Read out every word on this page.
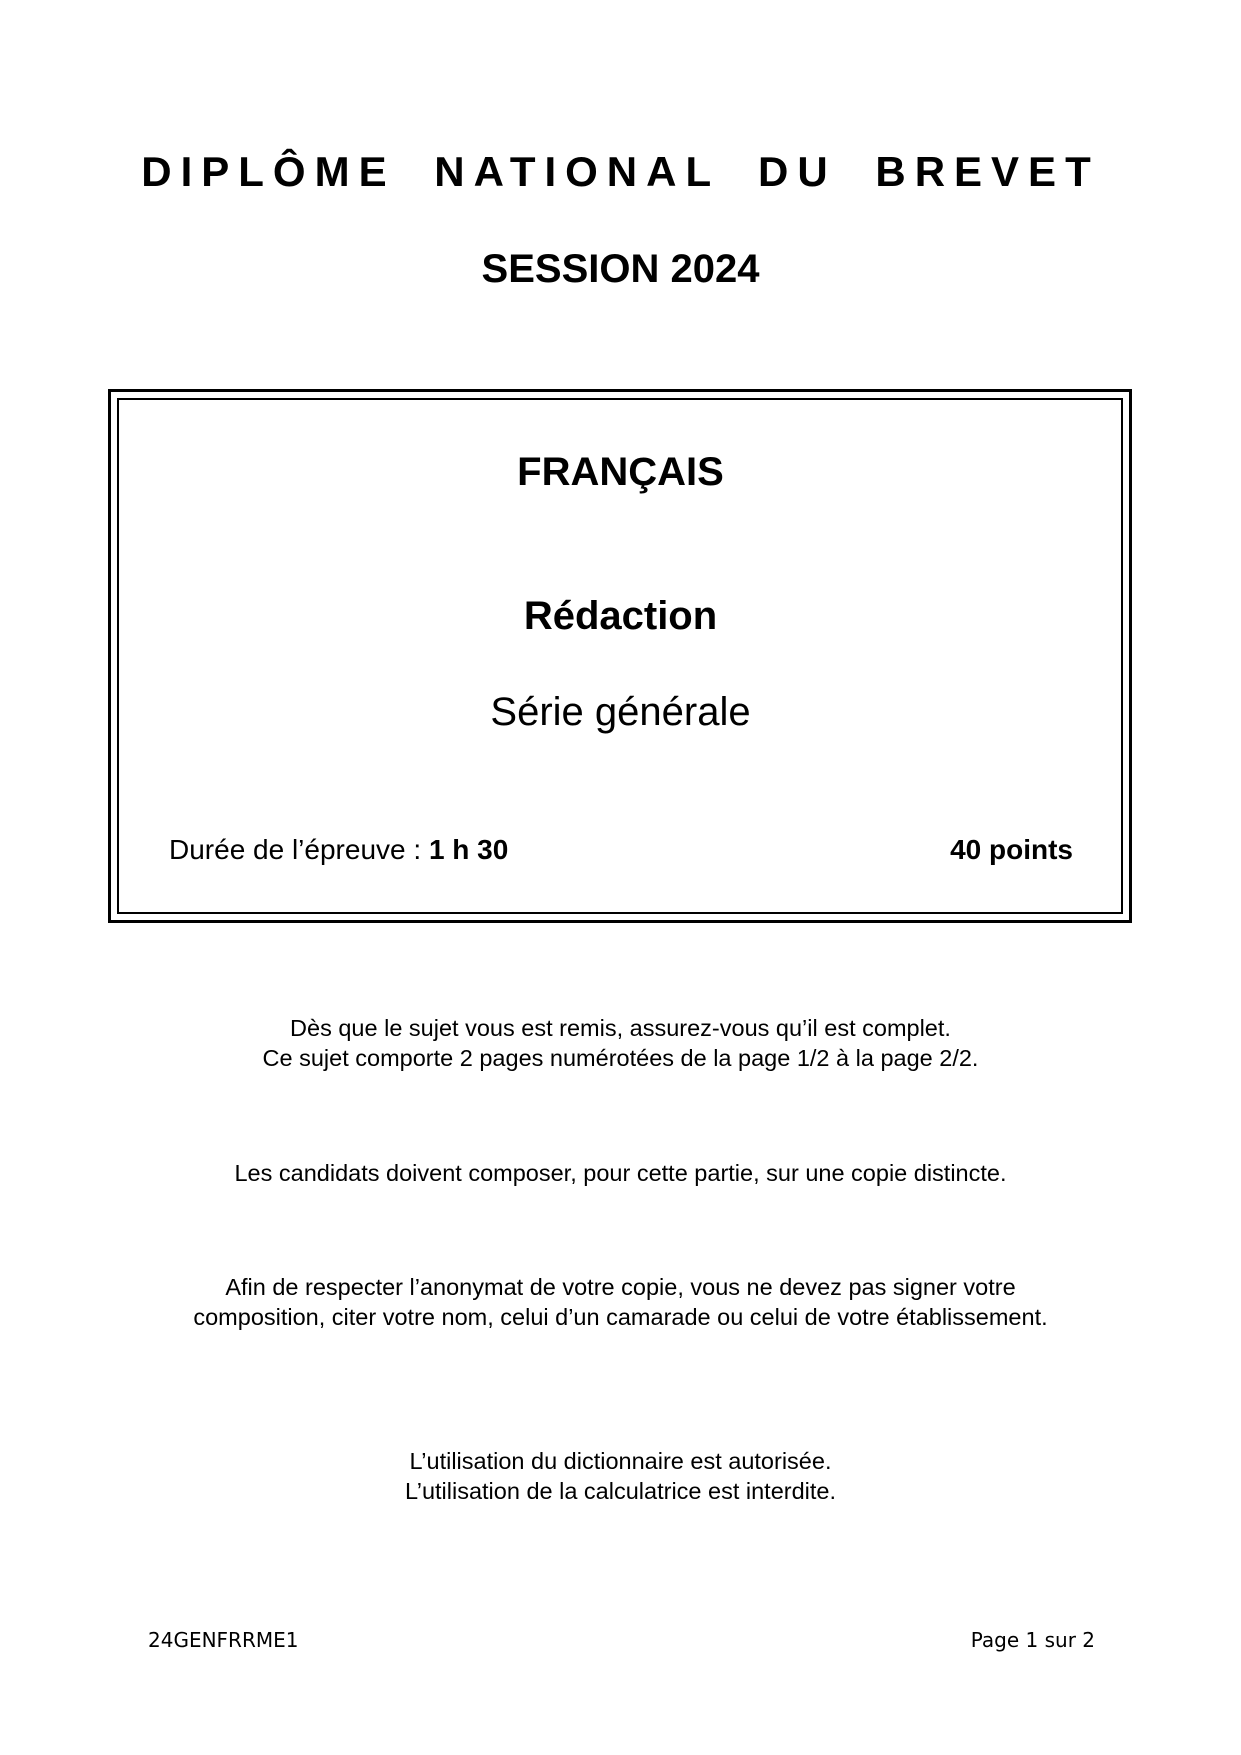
DIPLÔME NATIONAL DU BREVET
SESSION 2024
FRANÇAIS
Rédaction
Série générale
Durée de l’épreuve : 1 h 30	40 points
Dès que le sujet vous est remis, assurez-vous qu’il est complet.
Ce sujet comporte 2 pages numérotées de la page 1/2 à la page 2/2.
Les candidats doivent composer, pour cette partie, sur une copie distincte.
Afin de respecter l’anonymat de votre copie, vous ne devez pas signer votre
composition, citer votre nom, celui d’un camarade ou celui de votre établissement.
L’utilisation du dictionnaire est autorisée.
L’utilisation de la calculatrice est interdite.
24GENFRRME1	Page 1 sur 2
